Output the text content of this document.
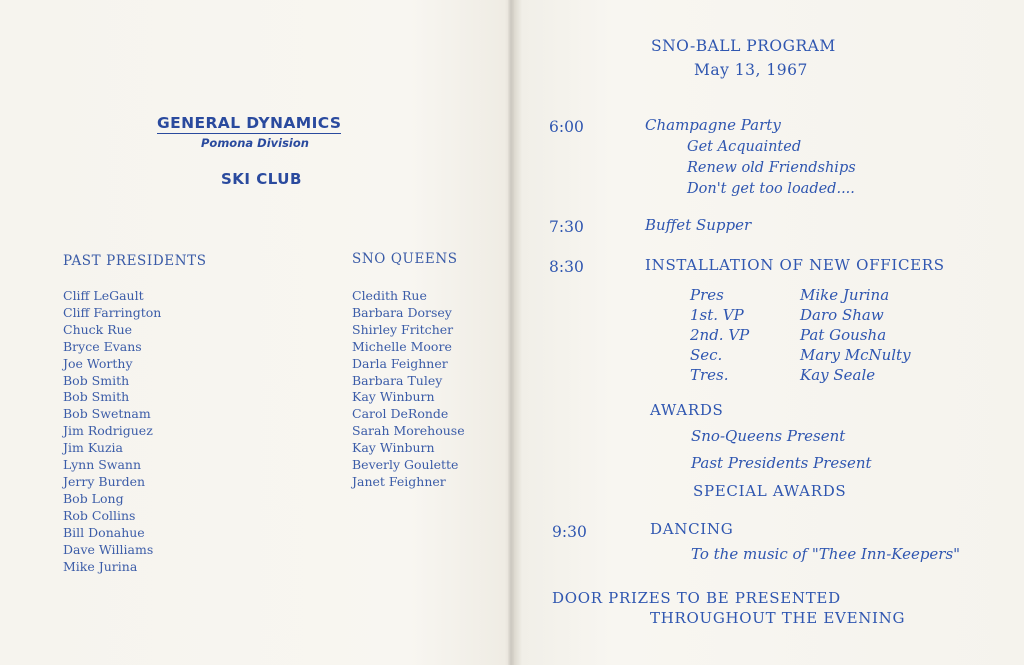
GENERAL DYNAMICS
Pomona Division
SKI CLUB
PAST PRESIDENTS
Cliff LeGault
Cliff Farrington
Chuck Rue
Bryce Evans
Joe Worthy
Bob Smith
Bob Smith
Bob Swetnam
Jim Rodriguez
Jim Kuzia
Lynn Swann
Jerry Burden
Bob Long
Rob Collins
Bill Donahue
Dave Williams
Mike Jurina
SNO QUEENS
Cledith Rue
Barbara Dorsey
Shirley Fritcher
Michelle Moore
Darla Feighner
Barbara Tuley
Kay Winburn
Carol DeRonde
Sarah Morehouse
Kay Winburn
Beverly Goulette
Janet Feighner
SNO-BALL PROGRAM
May 13, 1967
6:00	Champagne Party
Get Acquainted
Renew old Friendships
Don't get too loaded....
7:30	Buffet Supper
8:30	INSTALLATION OF NEW OFFICERS
Pres	Mike Jurina
1st. VP	Daro Shaw
2nd. VP	Pat Gousha
Sec.	Mary McNulty
Tres.	Kay Seale
AWARDS
Sno-Queens Present
Past Presidents Present
SPECIAL AWARDS
9:30	DANCING
To the music of "Thee Inn-Keepers"
DOOR PRIZES TO BE PRESENTED
THROUGHOUT THE EVENING
